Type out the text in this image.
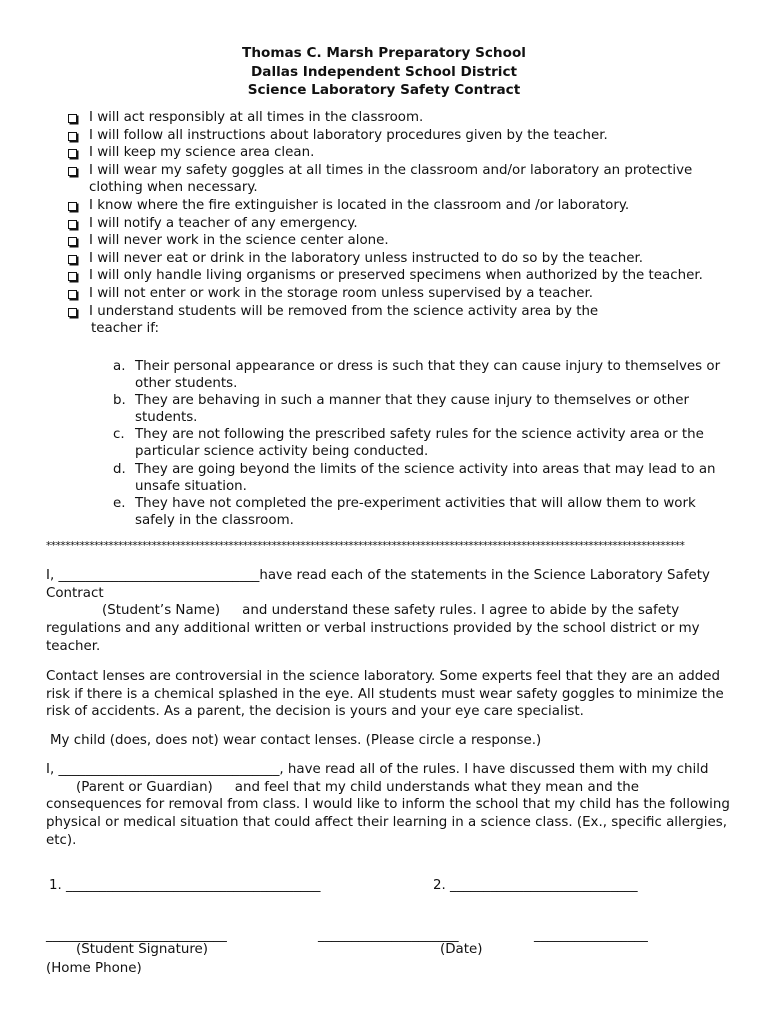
Thomas C. Marsh Preparatory School
Dallas Independent School District
Science Laboratory Safety Contract
I will act responsibly at all times in the classroom.
I will follow all instructions about laboratory procedures given by the teacher.
I will keep my science area clean.
I will wear my safety goggles at all times in the classroom and/or laboratory an protective clothing when necessary.
I know where the fire extinguisher is located in the classroom and /or laboratory.
I will notify a teacher of any emergency.
I will never work in the science center alone.
I will never eat or drink in the laboratory unless instructed to do so by the teacher.
I will only handle living organisms or preserved specimens when authorized by the teacher.
I will not enter or work in the storage room unless supervised by a teacher.
I understand students will be removed from the science activity area by the
teacher if:
a. Their personal appearance or dress is such that they can cause injury to themselves or other students.
b. They are behaving in such a manner that they cause injury to themselves or other students.
c. They are not following the prescribed safety rules for the science activity area or the particular science activity being conducted.
d. They are going beyond the limits of the science activity into areas that may lead to an unsafe situation.
e. They have not completed the pre-experiment activities that will allow them to work safely in the classroom.
*************************************************************************************************************************************
I, ______________________________have read each of the statements in the Science Laboratory Safety Contract
(Student’s Name) and understand these safety rules. I agree to abide by the safety regulations and any additional written or verbal instructions provided by the school district or my teacher.
Contact lenses are controversial in the science laboratory. Some experts feel that they are an added risk if there is a chemical splashed in the eye. All students must wear safety goggles to minimize the risk of accidents. As a parent, the decision is yours and your eye care specialist.
My child (does, does not) wear contact lenses. (Please circle a response.)
I, _________________________________, have read all of the rules. I have discussed them with my child
(Parent or Guardian) and feel that my child understands what they mean and the consequences for removal from class. I would like to inform the school that my child has the following physical or medical situation that could affect their learning in a science class. (Ex., specific allergies, etc).
1. ______________________________________	2. ____________________________
___________________________	_____________________	_________________
(Student Signature)	(Date)
(Home Phone)
